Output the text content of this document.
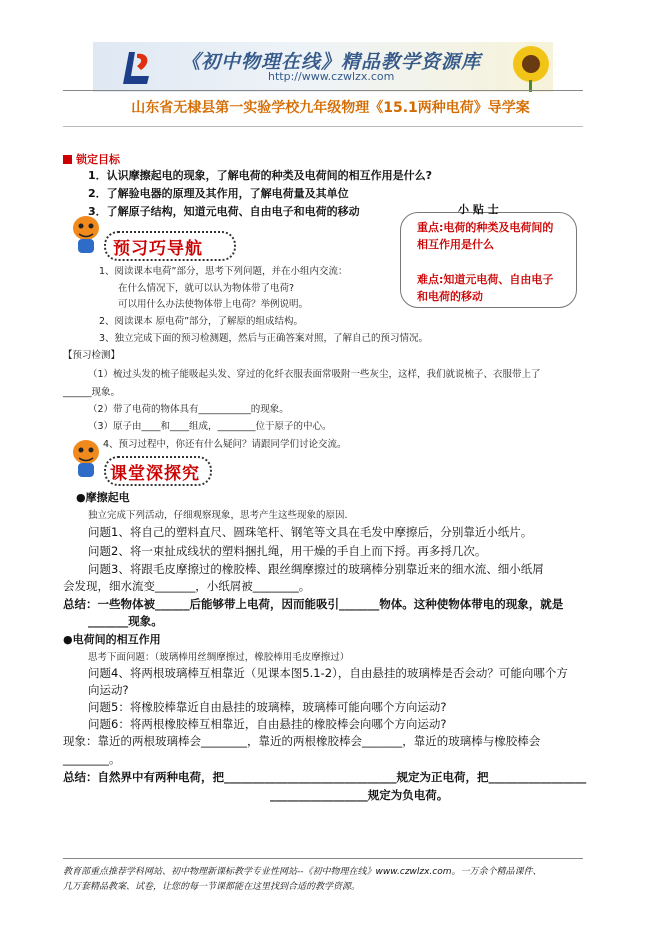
《初中物理在线》精品教学资源库
http://www.czwlzx.com
山东省无棣县第一实验学校九年级物理《15.1两种电荷》导学案
锁定目标
1．认识摩擦起电的现象，了解电荷的种类及电荷间的相互作用是什么?
2．了解验电器的原理及其作用，了解电荷量及其单位
3．了解原子结构，知道元电荷、自由电子和电荷的移动	小 贴 士
重点:电荷的种类及电荷间的
相互作用是什么
难点:知道元电荷、自由电子
和电荷的移动
预习巧导航
1、阅读课本电荷”部分，思考下列问题，并在小组内交流：
在什么情况下，就可以认为物体带了电荷?
可以用什么办法使物体带上电荷？举例说明。
2、阅读课本 原电荷”部分，了解原的组成结构。
3、独立完成下面的预习检测题，然后与正确答案对照，了解自己的预习情况。
【预习检测】
（1）梳过头发的梳子能吸起头发、穿过的化纤衣服表面常吸附一些灰尘，这样，我们就说梳子、衣服带上了
______现象。
（2）带了电荷的物体具有___________的现象。
（3）原子由____和____组成，________位于原子的中心。
4、预习过程中，你还有什么疑问？请跟同学们讨论交流。
课堂深探究
●摩擦起电
独立完成下列活动，仔细观察现象，思考产生这些现象的原因.
问题1、将自己的塑料直尺、圆珠笔杆、钢笔等文具在毛发中摩擦后，分别靠近小纸片。
问题2、将一束扯成线状的塑料捆扎绳，用干燥的手自上而下捋。再多捋几次。
问题3、将跟毛皮摩擦过的橡胶棒、跟丝绸摩擦过的玻璃棒分别靠近来的细水流、细小纸屑
会发现，细水流变_______，小纸屑被________。
总结：一些物体被______后能够带上电荷，因而能吸引_______物体。这种使物体带电的现象，就是
_______现象。
●电荷间的相互作用
思考下面问题：（玻璃棒用丝绸摩擦过，橡胶棒用毛皮摩擦过）
问题4、将两根玻璃棒互相靠近（见课本图5.1-2），自由悬挂的玻璃棒是否会动？可能向哪个方
向运动?
问题5：将橡胶棒靠近自由悬挂的玻璃棒，玻璃棒可能向哪个方向运动?
问题6：将两根橡胶棒互相靠近，自由悬挂的橡胶棒会向哪个方向运动?
现象：靠近的两根玻璃棒会________，靠近的两根橡胶棒会_______，靠近的玻璃棒与橡胶棒会
________。
总结：自然界中有两种电荷，把______________________________规定为正电荷，把_________________
_________________规定为负电荷。
教育部重点推荐学科网站、初中物理新课标教学专业性网站--《初中物理在线》www.czwlzx.com。一万余个精品课件、
几万套精品教案、试卷，让您的每一节课都能在这里找到合适的教学资源。
